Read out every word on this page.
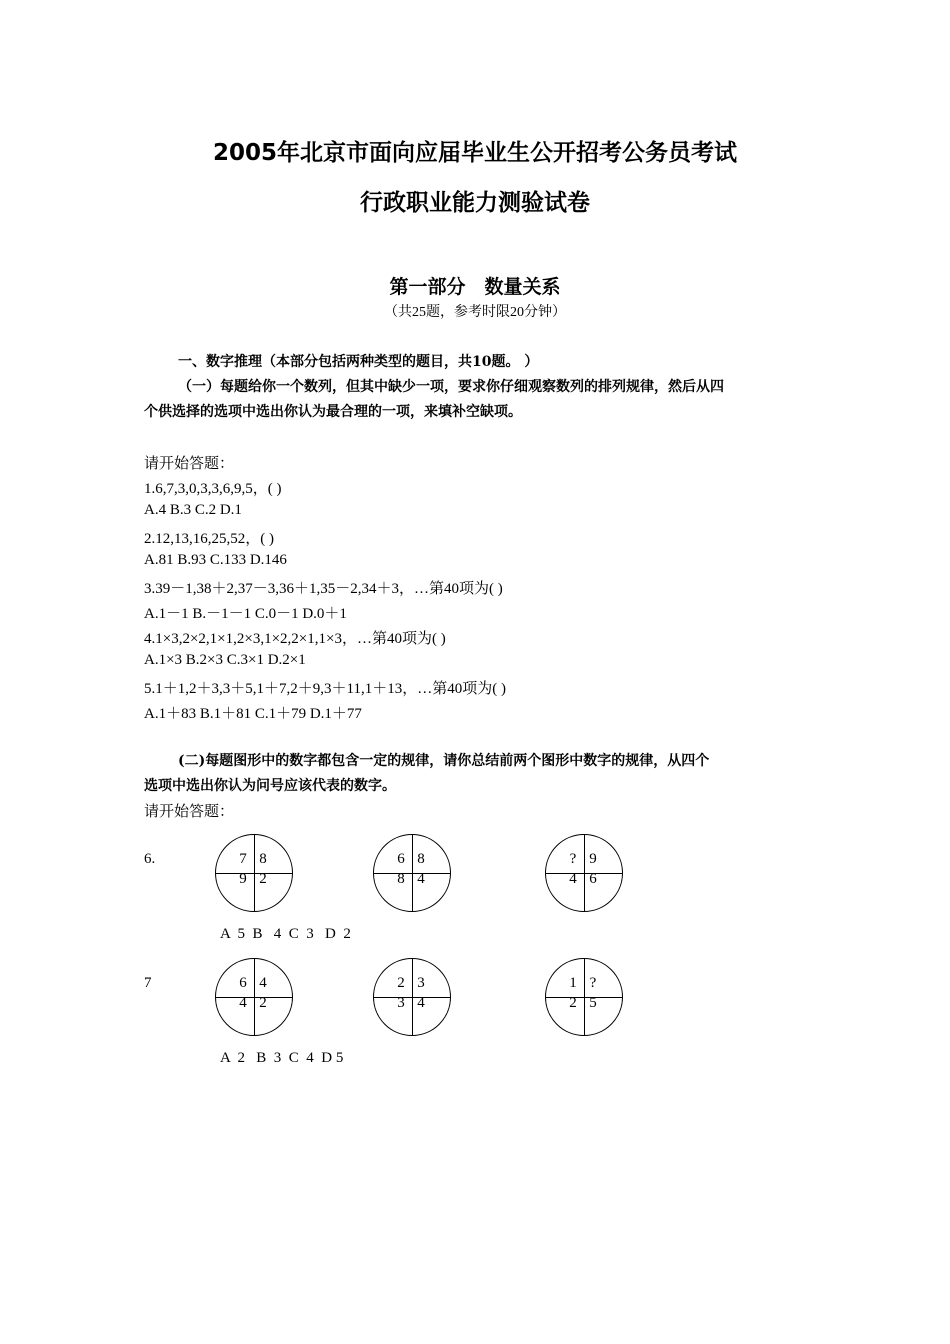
2005年北京市面向应届毕业生公开招考公务员考试
行政职业能力测验试卷
第一部分　数量关系
（共25题，参考时限20分钟）
一、数字推理（本部分包括两种类型的题目，共10题。 ）
（一）每题给你一个数列，但其中缺少一项，要求你仔细观察数列的排列规律，然后从四
个供选择的选项中选出你认为最合理的一项，来填补空缺项。
请开始答题：
1.6,7,3,0,3,3,6,9,5，( )
A.4 B.3 C.2 D.1
2.12,13,16,25,52，( )
A.81 B.93 C.133 D.146
3.39－1,38＋2,37－3,36＋1,35－2,34＋3，…第40项为( )
A.1－1 B.－1－1 C.0－1 D.0＋1
4.1×3,2×2,1×1,2×3,1×2,2×1,1×3，…第40项为( )
A.1×3 B.2×3 C.3×1 D.2×1
5.1＋1,2＋3,3＋5,1＋7,2＋9,3＋11,1＋13，…第40项为( )
A.1＋83 B.1＋81 C.1＋79 D.1＋77
(二)每题图形中的数字都包含一定的规律，请你总结前两个图形中数字的规律，从四个
选项中选出你认为问号应该代表的数字。
请开始答题：
6.	7 8
9 2
6 8
8 4
? 9
4 6
A  5  B   4  C  3   D  2
7	6 4
4 2
2 3
3 4
1 ?
2 5
A  2   B  3  C  4  D 5
